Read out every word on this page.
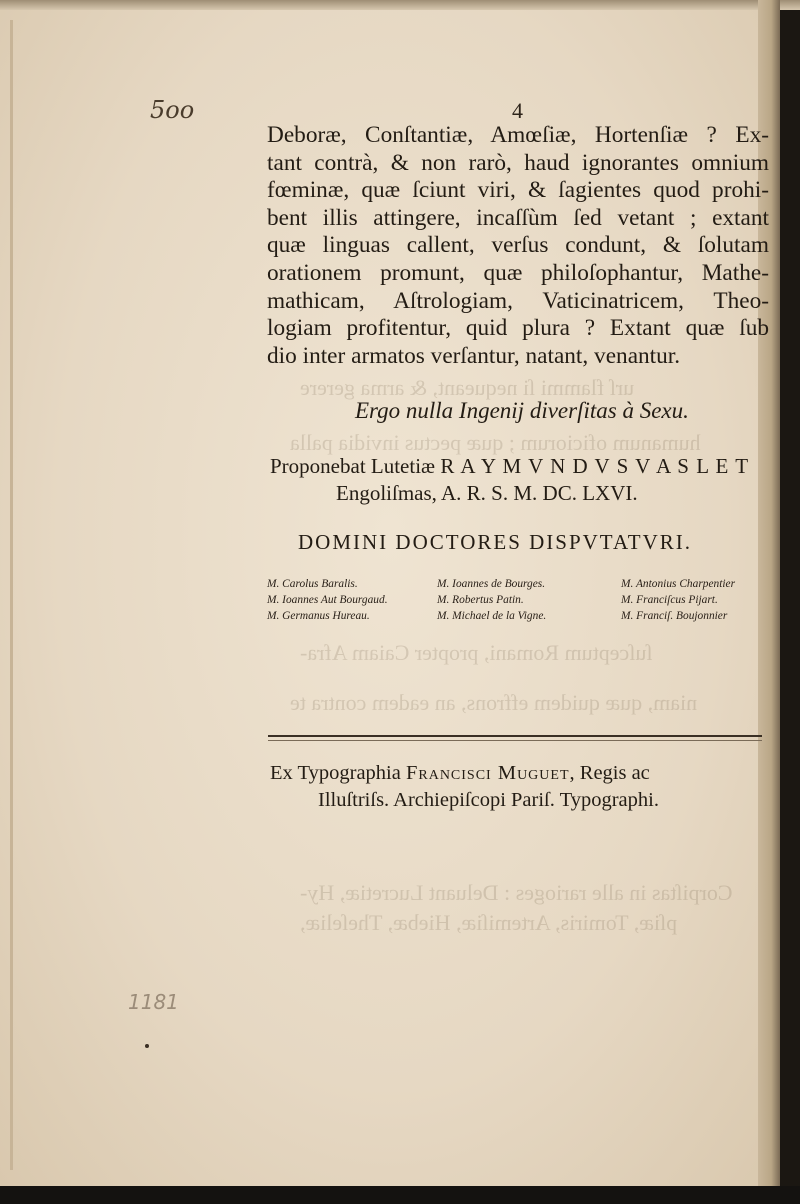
urſ flammi ſi nequeant, & arma gerere
humanum oficiorum ; quæ pectus invidia palla
ſuſceptum Romani, propter Caiam Afra-
niam, quæ quidem effrons, an eadem contra te
Corpiſtas in alle rarioges : Deluant Lucretiæ, Hy-
pſiæ, Tomiris, Artemiſiæ, Hiebæ, Theſeliæ,
5oo	4
Deboræ, Conſtantiæ, Amœſiæ, Hortenſiæ ? Ex-
tant contrà, & non rarò, haud ignorantes omnium
fœminæ, quæ ſciunt viri, & ſagientes quod prohi-
bent illis attingere, incaſſùm ſed vetant ; extant
quæ linguas callent, verſus condunt, & ſolutam
orationem promunt, quæ philoſophantur, Mathe-
mathicam, Aſtrologiam, Vaticinatricem, Theo-
logiam profitentur, quid plura ? Extant quæ ſub
dio inter armatos verſantur, natant, venantur.
Ergo nulla Ingenij diverſitas à Sexu.
Proponebat Lutetiæ R A Y M V N D V S V A S L E T
Engoliſmas, A. R. S. M. DC. LXVI.
DOMINI DOCTORES DISPVTATVRI.
M. Carolus Baralis.
M. Ioannes Aut Bourgaud.
M. Germanus Hureau.
M. Ioannes de Bourges.
M. Robertus Patin.
M. Michael de la Vigne.
M. Antonius Charpentier
M. Franciſcus Pijart.
M. Franciſ. Boujonnier
Ex Typographia Francisci Muguet, Regis ac
Illuſtriſs. Archiepiſcopi Pariſ. Typographi.
1181
